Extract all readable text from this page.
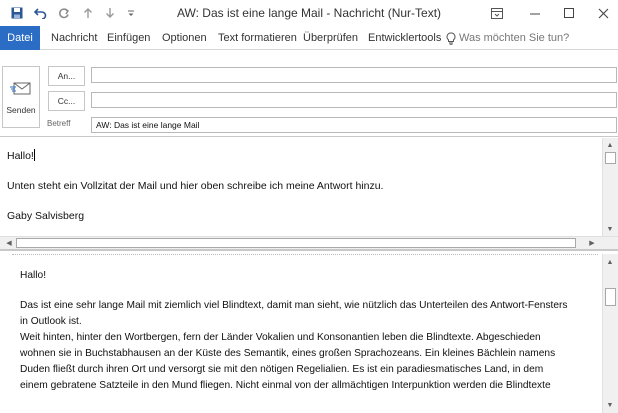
AW: Das ist eine lange Mail - Nachricht (Nur-Text)
Datei	Nachricht Einfügen Optionen Text formatieren Überprüfen Entwicklertools Was möchten Sie tun?
Senden
An...
Cc...
Betreff	AW: Das ist eine lange Mail

Hallo!

Unten steht ein Vollzitat der Mail und hier oben schreibe ich meine Antwort hinzu.

Gaby Salvisberg

▲
▼
◀	▶

Hallo!

Das ist eine sehr lange Mail mit ziemlich viel Blindtext, damit man sieht, wie nützlich das Unterteilen des Antwort-Fensters

in Outlook ist.

Weit hinten, hinter den Wortbergen, fern der Länder Vokalien und Konsonantien leben die Blindtexte. Abgeschieden

wohnen sie in Buchstabhausen an der Küste des Semantik, eines großen Sprachozeans. Ein kleines Bächlein namens

Duden fließt durch ihren Ort und versorgt sie mit den nötigen Regelialien. Es ist ein paradiesmatisches Land, in dem

einem gebratene Satzteile in den Mund fliegen. Nicht einmal von der allmächtigen Interpunktion werden die Blindtexte

▲
▼
